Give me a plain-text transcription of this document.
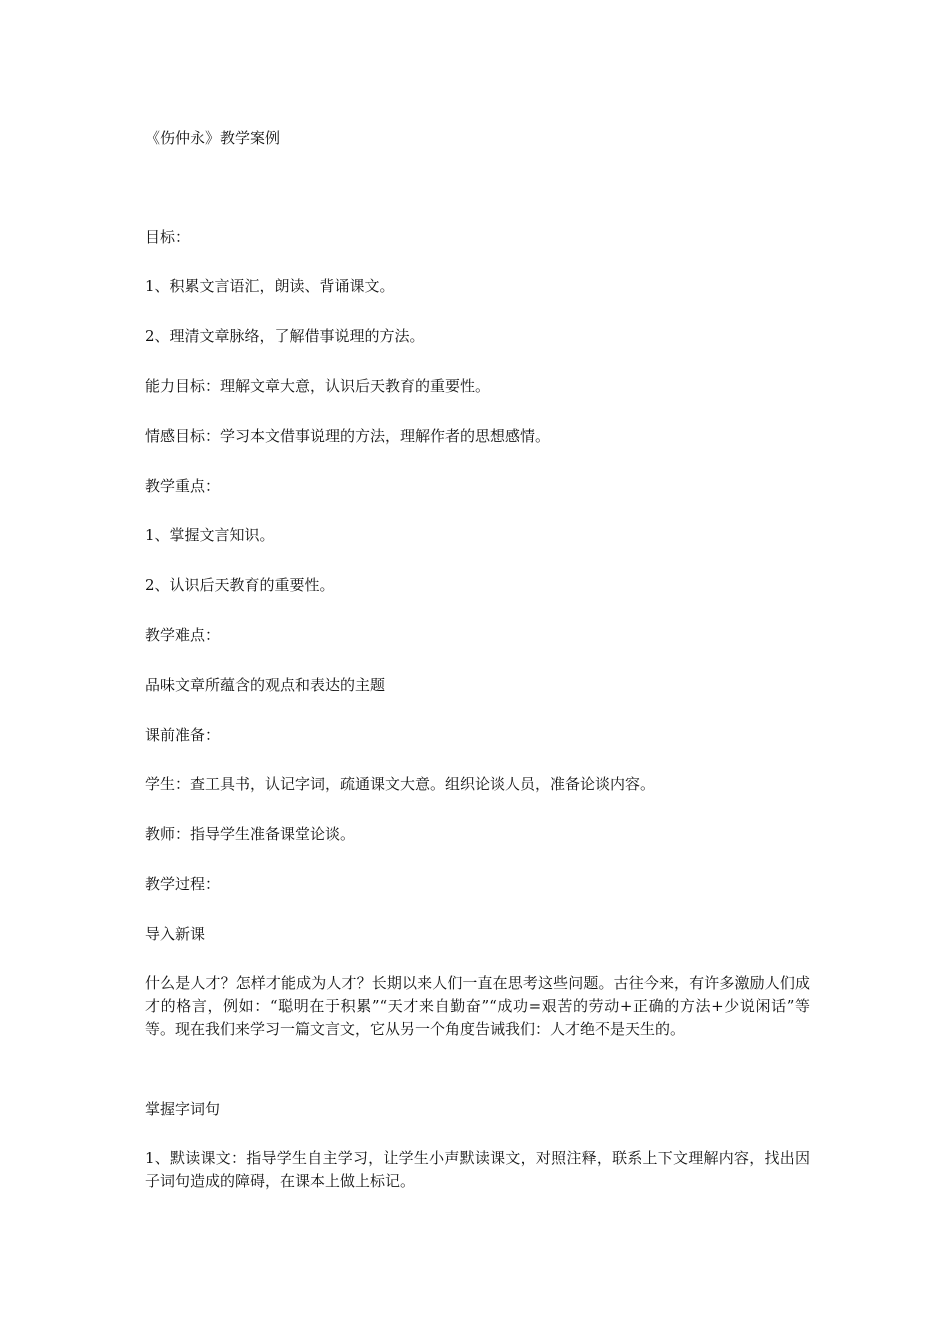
《伤仲永》教学案例
目标：
1、积累文言语汇，朗读、背诵课文。
2、理清文章脉络，了解借事说理的方法。
能力目标：理解文章大意，认识后天教育的重要性。
情感目标：学习本文借事说理的方法，理解作者的思想感情。
教学重点：
1、掌握文言知识。
2、认识后天教育的重要性。
教学难点：
品味文章所蕴含的观点和表达的主题
课前准备：
学生：查工具书，认记字词，疏通课文大意。组织论谈人员，准备论谈内容。
教师：指导学生准备课堂论谈。
教学过程：
导入新课
什么是人才？怎样才能成为人才？长期以来人们一直在思考这些问题。古往今来，有许多激励人们成才的格言，例如：“聪明在于积累”“天才来自勤奋”“成功=艰苦的劳动+正确的方法+少说闲话”等等。现在我们来学习一篇文言文，它从另一个角度告诫我们：人才绝不是天生的。
掌握字词句
1、默读课文：指导学生自主学习，让学生小声默读课文，对照注释，联系上下文理解内容，找出因子词句造成的障碍，在课本上做上标记。
